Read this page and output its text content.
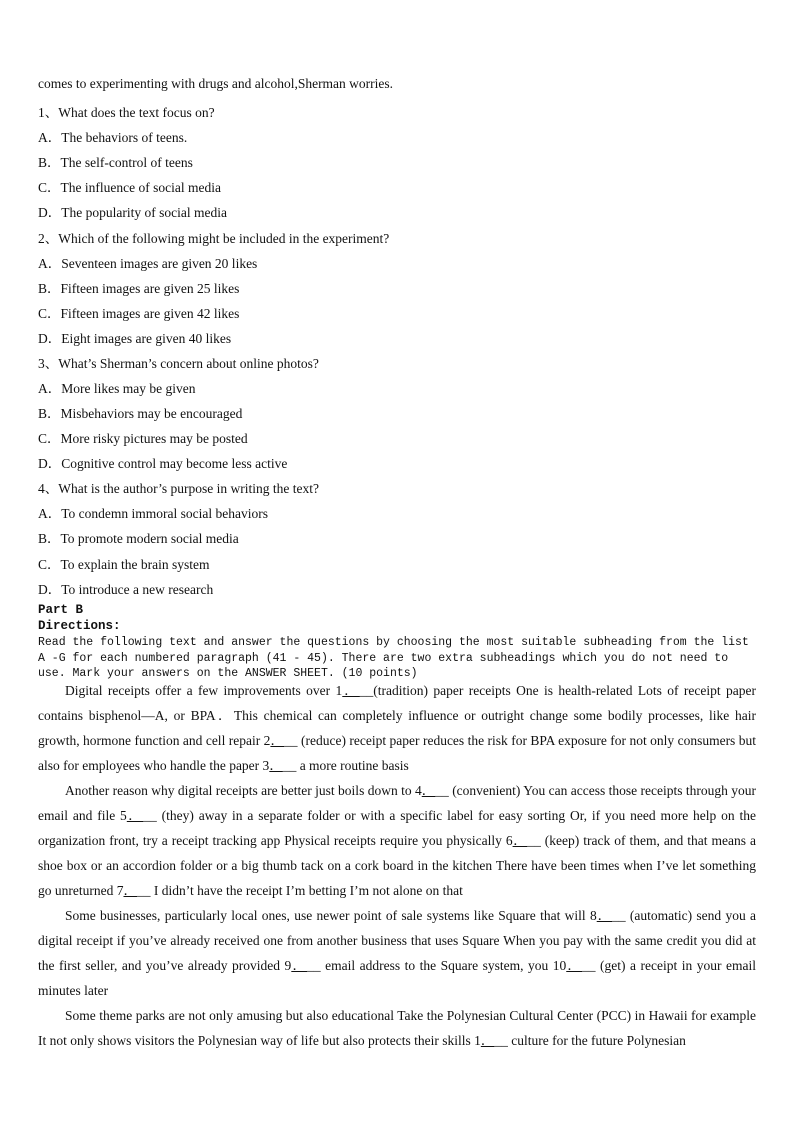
comes to experimenting with drugs and alcohol,Sherman worries.
1、What does the text focus on?
A．The behaviors of teens.
B．The self-control of teens
C．The influence of social media
D．The popularity of social media
2、Which of the following might be included in the experiment?
A．Seventeen images are given 20 likes
B．Fifteen images are given 25 likes
C．Fifteen images are given 42 likes
D．Eight images are given 40 likes
3、What’s Sherman’s concern about online photos?
A．More likes may be given
B．Misbehaviors may be encouraged
C．More risky pictures may be posted
D．Cognitive control may become less active
4、What is the author’s purpose in writing the text?
A．To condemn immoral social behaviors
B．To promote modern social media
C．To explain the brain system
D．To introduce a new research
Part B
Directions:
Read the following text and answer the questions by choosing the most suitable subheading from the list A -G for each numbered paragraph (41 - 45). There are two extra subheadings which you do not need to use. Mark your answers on the ANSWER SHEET. (10 points)
Digital receipts offer a few improvements over 1．__(tradition) paper receipts One is health-related Lots of receipt paper contains bisphenol—A, or BPA．This chemical can completely influence or outright change some bodily processes, like hair growth, hormone function and cell repair 2．__ (reduce) receipt paper reduces the risk for BPA exposure for not only consumers but also for employees who handle the paper 3．__ a more routine basis
Another reason why digital receipts are better just boils down to 4．__ (convenient) You can access those receipts through your email and file 5．__ (they) away in a separate folder or with a specific label for easy sorting Or, if you need more help on the organization front, try a receipt tracking app Physical receipts require you physically 6．__ (keep) track of them, and that means a shoe box or an accordion folder or a big thumb tack on a cork board in the kitchen There have been times when I’ve let something go unreturned 7．__ I didn’t have the receipt I’m betting I’m not alone on that
Some businesses, particularly local ones, use newer point of sale systems like Square that will 8．__ (automatic) send you a digital receipt if you’ve already received one from another business that uses Square When you pay with the same credit you did at the first seller, and you’ve already provided 9．__ email address to the Square system, you 10．__ (get) a receipt in your email minutes later
Some theme parks are not only amusing but also educational Take the Polynesian Cultural Center (PCC) in Hawaii for example It not only shows visitors the Polynesian way of life but also protects their skills 1．__ culture for the future Polynesian
